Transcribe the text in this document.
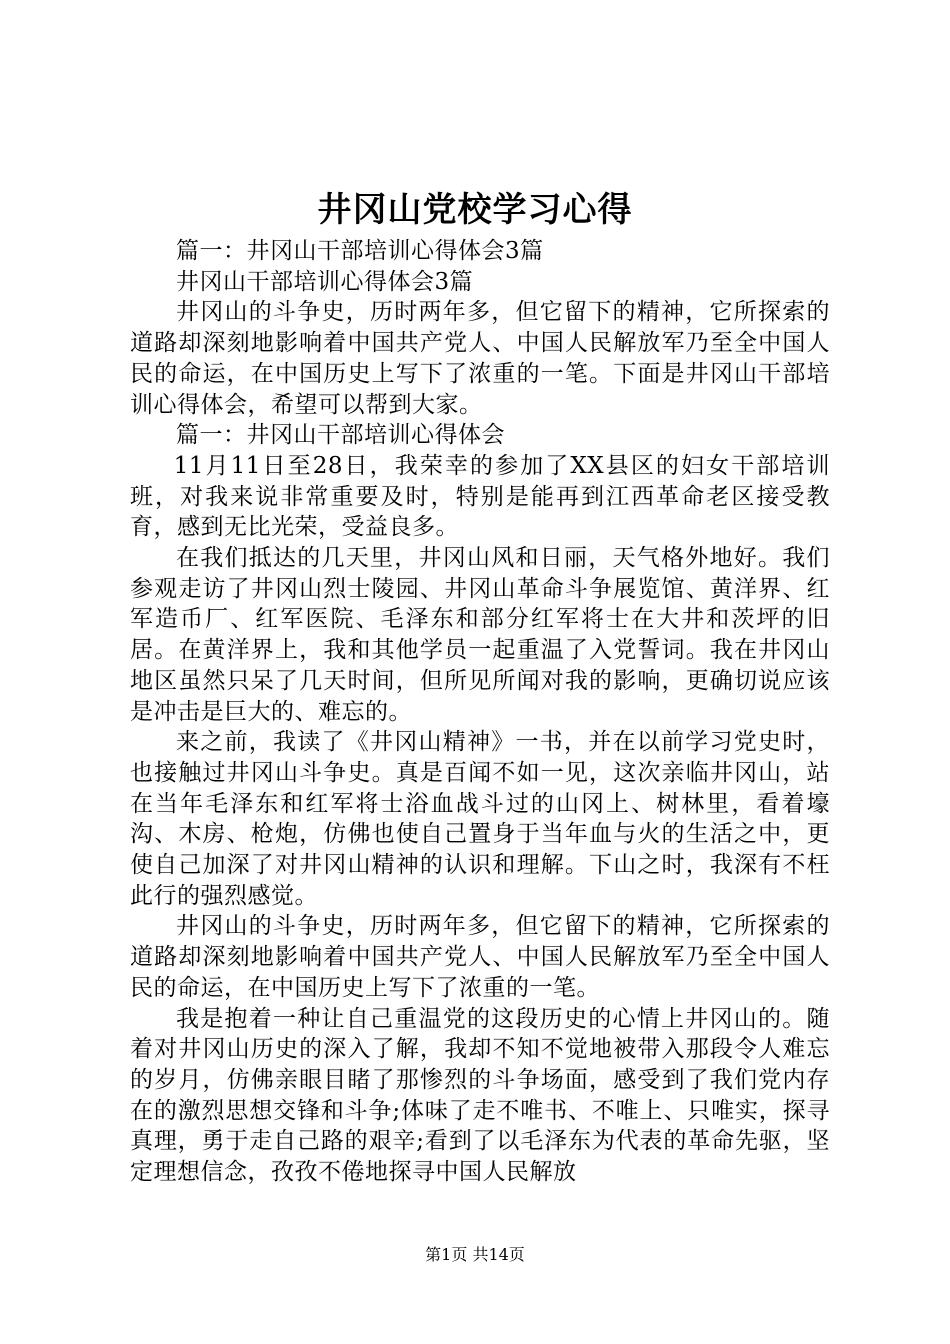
井冈山党校学习心得

篇一：井冈山干部培训心得体会3篇

井冈山干部培训心得体会3篇

井冈山的斗争史，历时两年多，但它留下的精神，它所探索的道路却深刻地影响着中国共产党人、中国人民解放军乃至全中国人民的命运，在中国历史上写下了浓重的一笔。下面是井冈山干部培训心得体会，希望可以帮到大家。

篇一：井冈山干部培训心得体会

11月11日至28日，我荣幸的参加了XX县区的妇女干部培训班，对我来说非常重要及时，特别是能再到江西革命老区接受教育，感到无比光荣，受益良多。

在我们抵达的几天里，井冈山风和日丽，天气格外地好。我们参观走访了井冈山烈士陵园、井冈山革命斗争展览馆、黄洋界、红军造币厂、红军医院、毛泽东和部分红军将士在大井和茨坪的旧居。在黄洋界上，我和其他学员一起重温了入党誓词。我在井冈山地区虽然只呆了几天时间，但所见所闻对我的影响，更确切说应该是冲击是巨大的、难忘的。

来之前，我读了《井冈山精神》一书，并在以前学习党史时，也接触过井冈山斗争史。真是百闻不如一见，这次亲临井冈山，站在当年毛泽东和红军将士浴血战斗过的山冈上、树林里，看着壕沟、木房、枪炮，仿佛也使自己置身于当年血与火的生活之中，更使自己加深了对井冈山精神的认识和理解。下山之时，我深有不枉此行的强烈感觉。

井冈山的斗争史，历时两年多，但它留下的精神，它所探索的道路却深刻地影响着中国共产党人、中国人民解放军乃至全中国人民的命运，在中国历史上写下了浓重的一笔。

我是抱着一种让自己重温党的这段历史的心情上井冈山的。随着对井冈山历史的深入了解，我却不知不觉地被带入那段令人难忘的岁月，仿佛亲眼目睹了那惨烈的斗争场面，感受到了我们党内存在的激烈思想交锋和斗争;体味了走不唯书、不唯上、只唯实，探寻真理，勇于走自己路的艰辛;看到了以毛泽东为代表的革命先驱，坚定理想信念，孜孜不倦地探寻中国人民解放

第1页 共14页
